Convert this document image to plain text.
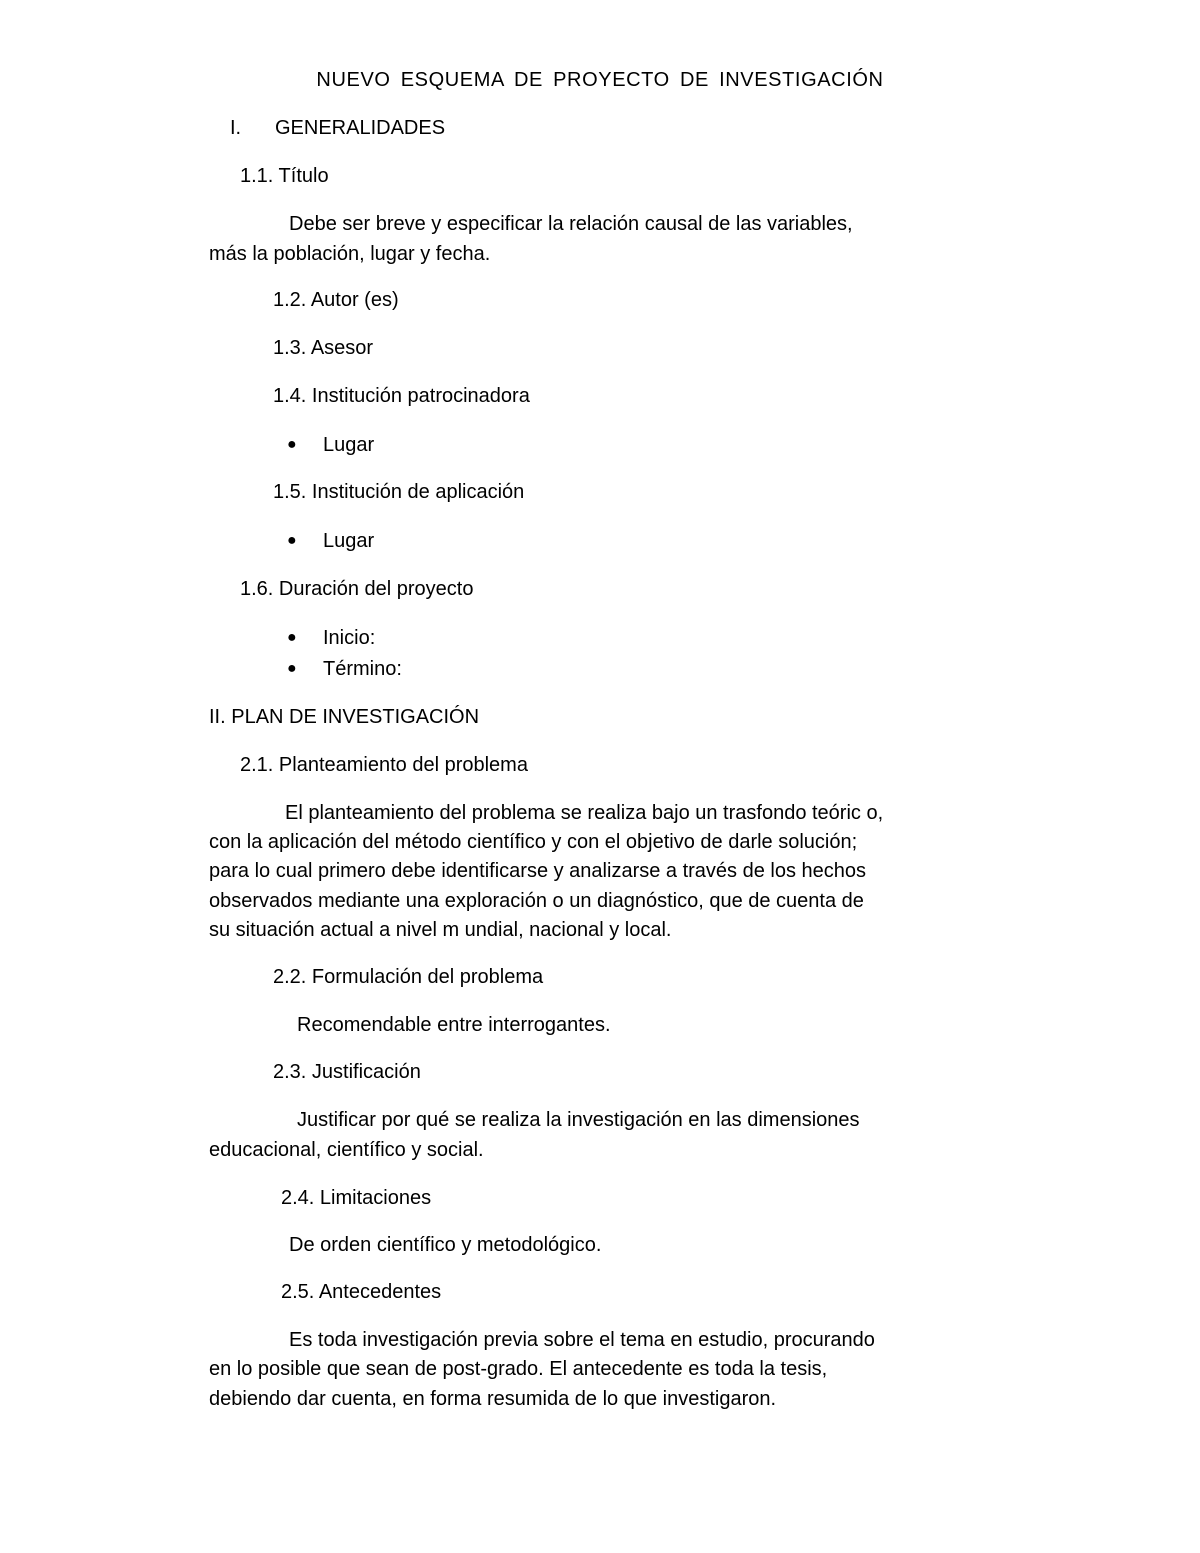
NUEVO ESQUEMA DE PROYECTO DE INVESTIGACIÓN
I. GENERALIDADES
1.1. Título
Debe ser breve y especificar la relación causal de las variables,
más la población, lugar y fecha.
1.2. Autor (es)
1.3. Asesor
1.4. Institución patrocinadora
● Lugar
1.5. Institución de aplicación
● Lugar
1.6. Duración del proyecto
● Inicio:
● Término:
II. PLAN DE INVESTIGACIÓN
2.1. Planteamiento del problema
El planteamiento del problema se realiza bajo un trasfondo teóric o,
con la aplicación del método científico y con el objetivo de darle solución;
para lo cual primero debe identificarse y analizarse a través de los hechos
observados mediante una exploración o un diagnóstico, que de cuenta de
su situación actual a nivel m undial, nacional y local.
2.2. Formulación del problema
Recomendable entre interrogantes.
2.3. Justificación
Justificar por qué se realiza la investigación en las dimensiones
educacional, científico y social.
2.4. Limitaciones
De orden científico y metodológico.
2.5. Antecedentes
Es toda investigación previa sobre el tema en estudio, procurando
en lo posible que sean de post-grado. El antecedente es toda la tesis,
debiendo dar cuenta, en forma resumida de lo que investigaron.
